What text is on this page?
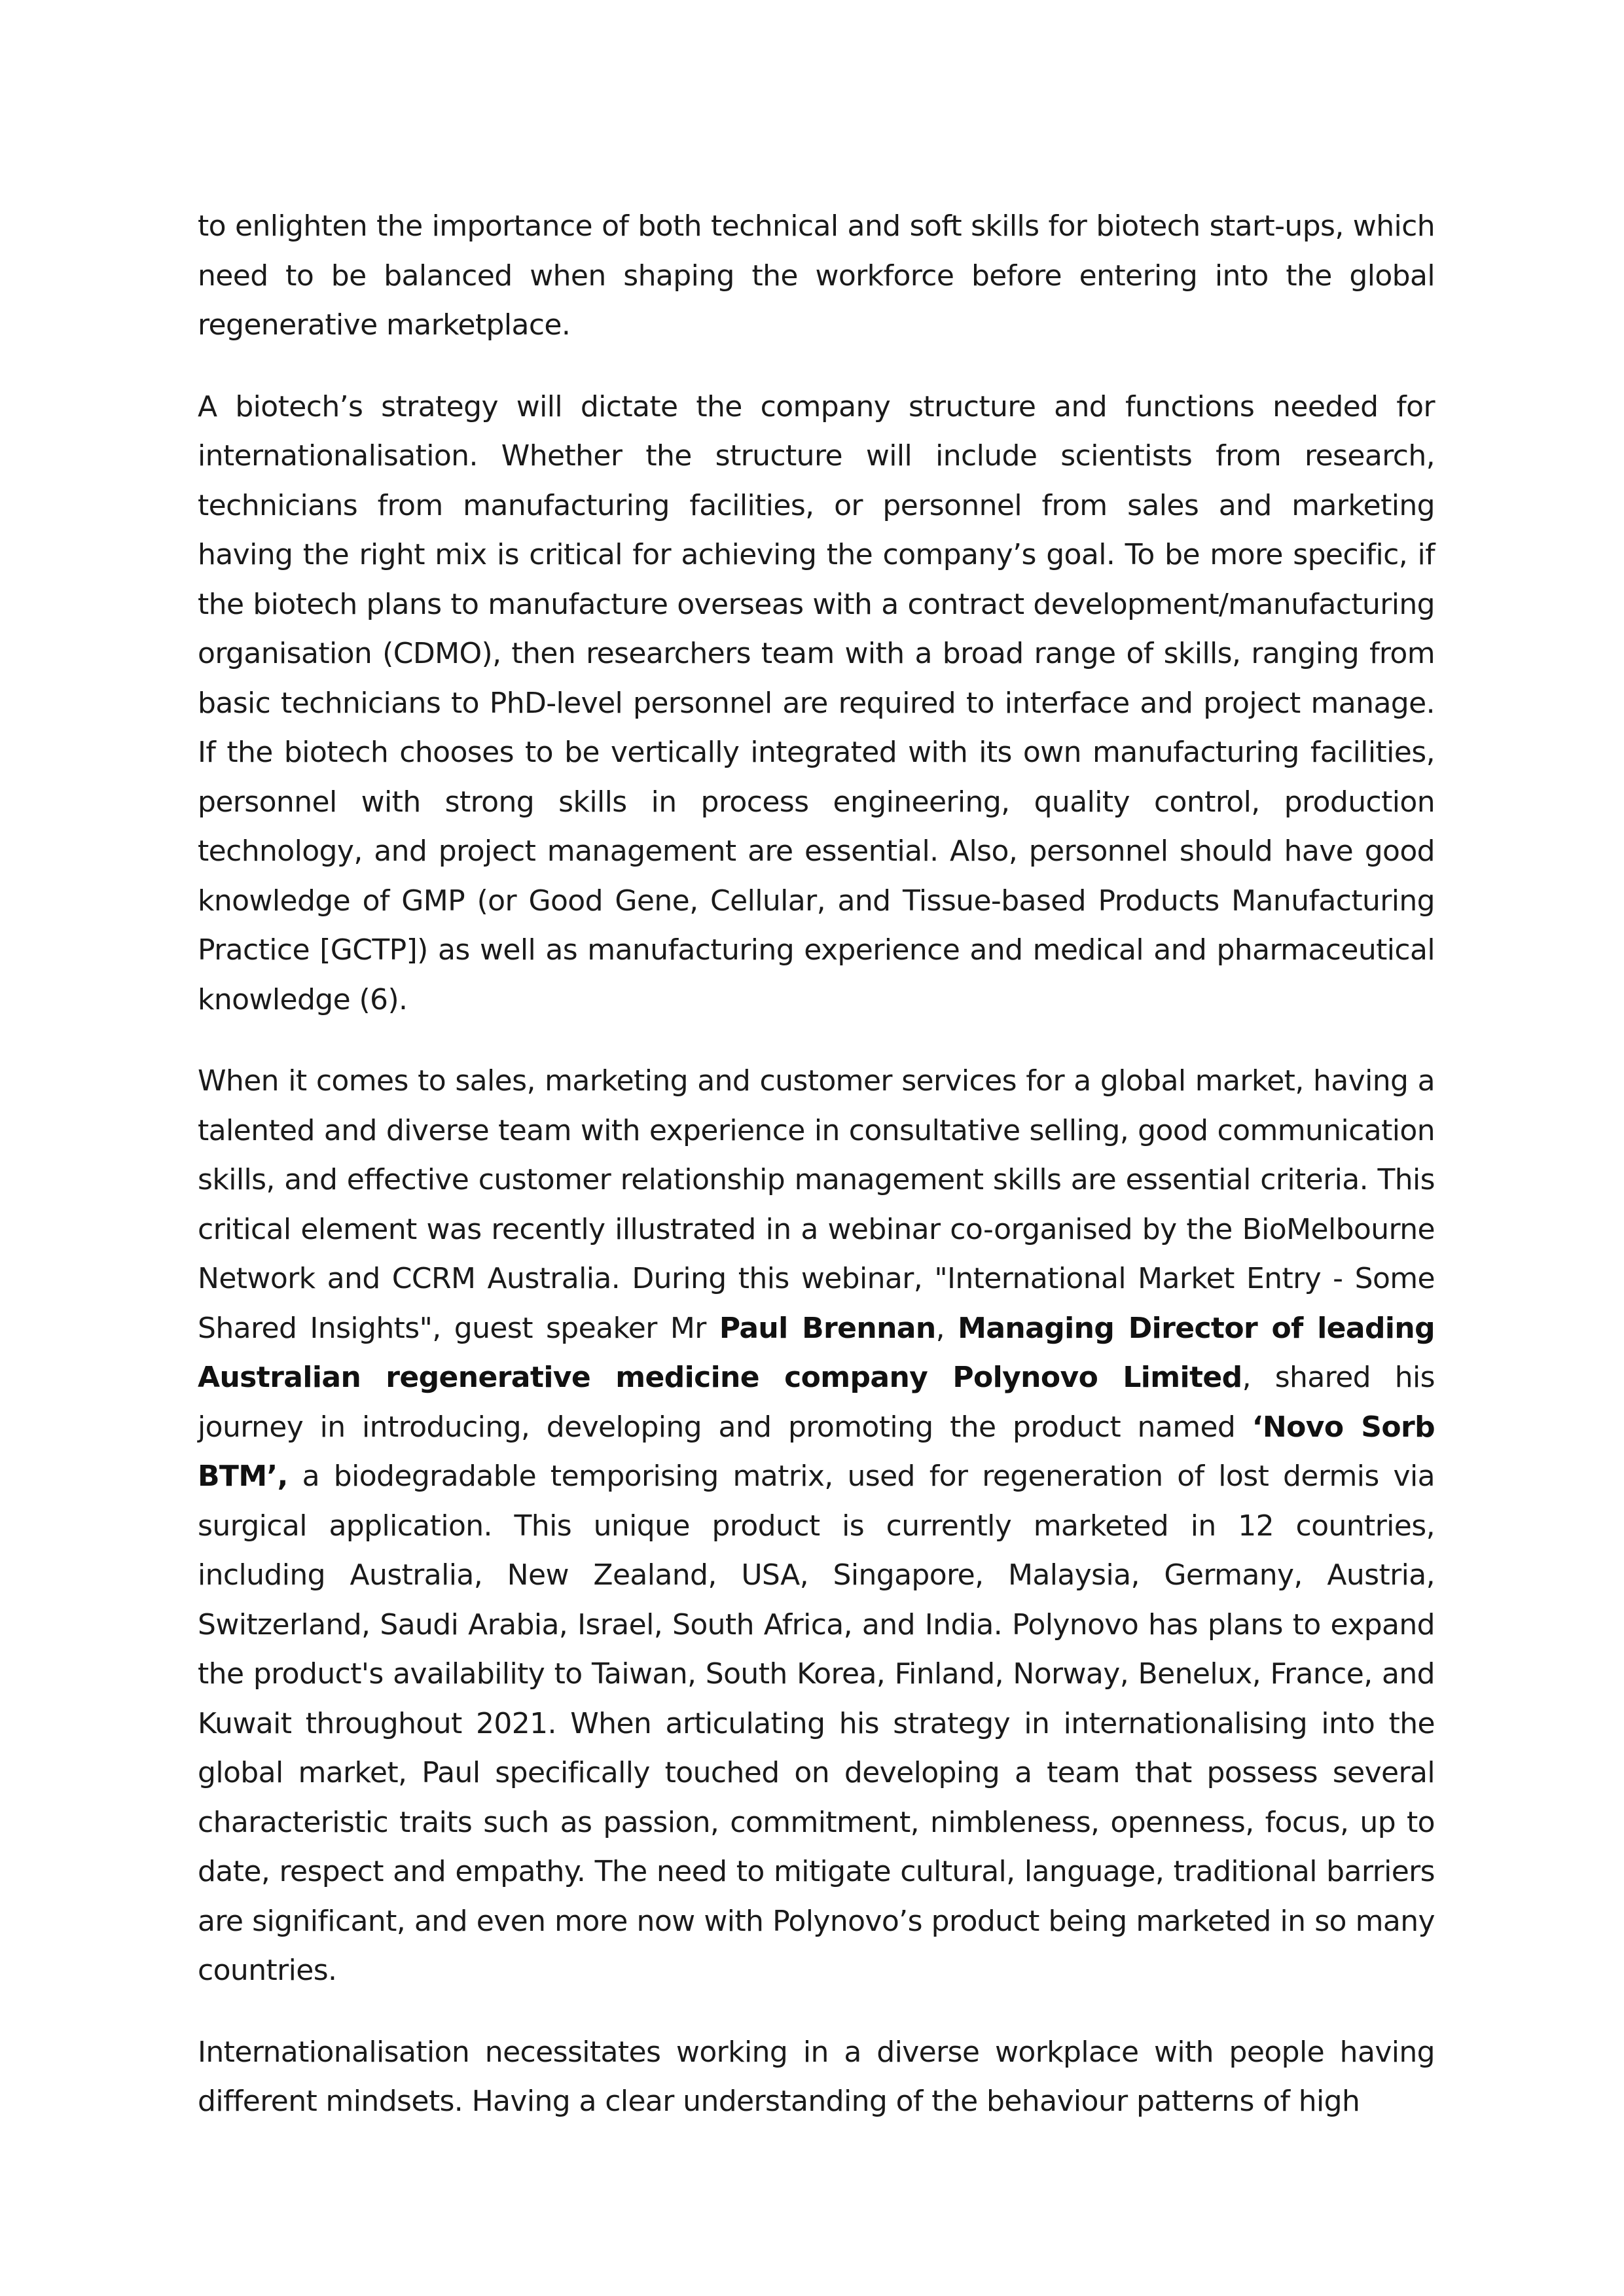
to enlighten the importance of both technical and soft skills for biotech start-ups, which need to be balanced when shaping the workforce before entering into the global regenerative marketplace.

A biotech’s strategy will dictate the company structure and functions needed for internationalisation. Whether the structure will include scientists from research, technicians from manufacturing facilities, or personnel from sales and marketing having the right mix is critical for achieving the company’s goal. To be more specific, if the biotech plans to manufacture overseas with a contract development/manufacturing organisation (CDMO), then researchers team with a broad range of skills, ranging from basic technicians to PhD-level personnel are required to interface and project manage. If the biotech chooses to be vertically integrated with its own manufacturing facilities, personnel with strong skills in process engineering, quality control, production technology, and project management are essential. Also, personnel should have good knowledge of GMP (or Good Gene, Cellular, and Tissue-based Products Manufacturing Practice [GCTP]) as well as manufacturing experience and medical and pharmaceutical knowledge (6).

When it comes to sales, marketing and customer services for a global market, having a talented and diverse team with experience in consultative selling, good communication skills, and effective customer relationship management skills are essential criteria. This critical element was recently illustrated in a webinar co-organised by the BioMelbourne Network and CCRM Australia. During this webinar, "International Market Entry - Some Shared Insights", guest speaker Mr Paul Brennan, Managing Director of leading Australian regenerative medicine company Polynovo Limited, shared his journey in introducing, developing and promoting the product named ‘Novo Sorb BTM’, a biodegradable temporising matrix, used for regeneration of lost dermis via surgical application. This unique product is currently marketed in 12 countries, including Australia, New Zealand, USA, Singapore, Malaysia, Germany, Austria, Switzerland, Saudi Arabia, Israel, South Africa, and India. Polynovo has plans to expand the product's availability to Taiwan, South Korea, Finland, Norway, Benelux, France, and Kuwait throughout 2021. When articulating his strategy in internationalising into the global market, Paul specifically touched on developing a team that possess several characteristic traits such as passion, commitment, nimbleness, openness, focus, up to date, respect and empathy. The need to mitigate cultural, language, traditional barriers are significant, and even more now with Polynovo’s product being marketed in so many countries.

Internationalisation necessitates working in a diverse workplace with people having different mindsets. Having a clear understanding of the behaviour patterns of high
